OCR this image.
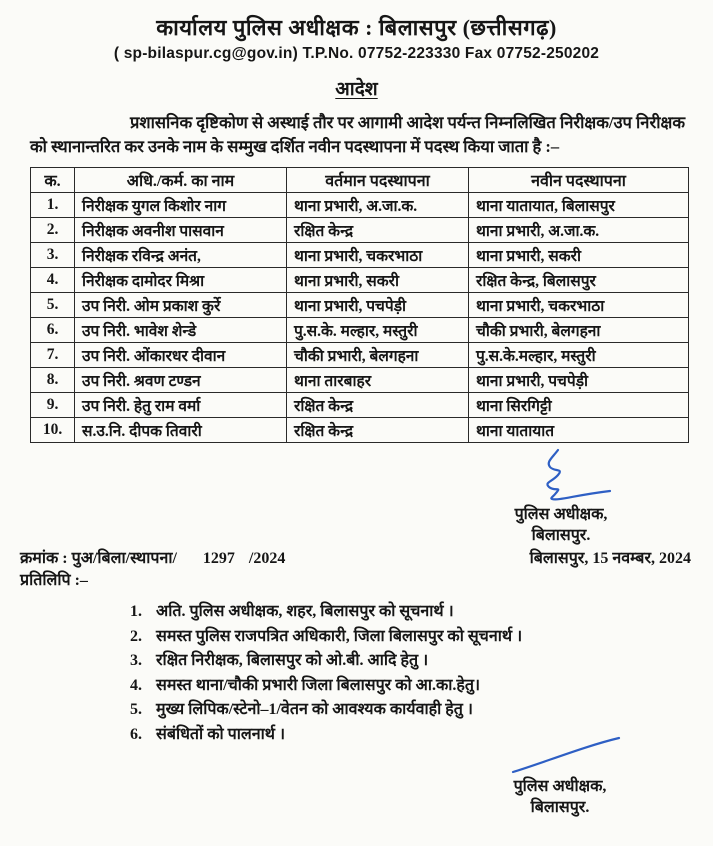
कार्यालय पुलिस अधीक्षक : बिलासपुर (छत्तीसगढ़)
( sp-bilaspur.cg@gov.in) T.P.No. 07752-223330 Fax 07752-250202
आदेश
प्रशासनिक दृष्टिकोण से अस्थाई तौर पर आगामी आदेश पर्यन्त निम्नलिखित निरीक्षक/उप निरीक्षक को स्थानान्तरित कर उनके नाम के सम्मुख दर्शित नवीन पदस्थापना में पदस्थ किया जाता है :–
क.	अधि./कर्म. का नाम	वर्तमान पदस्थापना	नवीन पदस्थापना
1.	निरीक्षक युगल किशोर नाग	थाना प्रभारी, अ.जा.क.	थाना यातायात, बिलासपुर
2.	निरीक्षक अवनीश पासवान	रक्षित केन्द्र	थाना प्रभारी, अ.जा.क.
3.	निरीक्षक रविन्द्र अनंत,	थाना प्रभारी, चकरभाठा	थाना प्रभारी, सकरी
4.	निरीक्षक दामोदर मिश्रा	थाना प्रभारी, सकरी	रक्षित केन्द्र, बिलासपुर
5.	उप निरी. ओम प्रकाश कुर्रे	थाना प्रभारी, पचपेड़ी	थाना प्रभारी, चकरभाठा
6.	उप निरी. भावेश शेन्डे	पु.स.के. मल्हार, मस्तुरी	चौकी प्रभारी, बेलगहना
7.	उप निरी. ओंकारधर दीवान	चौकी प्रभारी, बेलगहना	पु.स.के.मल्हार, मस्तुरी
8.	उप निरी. श्रवण टण्डन	थाना तारबाहर	थाना प्रभारी, पचपेड़ी
9.	उप निरी. हेतु राम वर्मा	रक्षित केन्द्र	थाना सिरगिट्टी
10.	स.उ.नि. दीपक तिवारी	रक्षित केन्द्र	थाना यातायात
पुलिस अधीक्षक,
बिलासपुर.
क्रमांक : पुअ/बिला/स्थापना/ 1297 /2024	बिलासपुर, 15 नवम्बर, 2024
प्रतिलिपि :–
1. अति. पुलिस अधीक्षक, शहर, बिलासपुर को सूचनार्थ ।
2. समस्त पुलिस राजपत्रित अधिकारी, जिला बिलासपुर को सूचनार्थ ।
3. रक्षित निरीक्षक, बिलासपुर को ओ.बी. आदि हेतु ।
4. समस्त थाना/चौकी प्रभारी जिला बिलासपुर को आ.का.हेतु।
5. मुख्य लिपिक/स्टेनो–1/वेतन को आवश्यक कार्यवाही हेतु ।
6. संबंधितों को पालनार्थ ।
पुलिस अधीक्षक,
बिलासपुर.
